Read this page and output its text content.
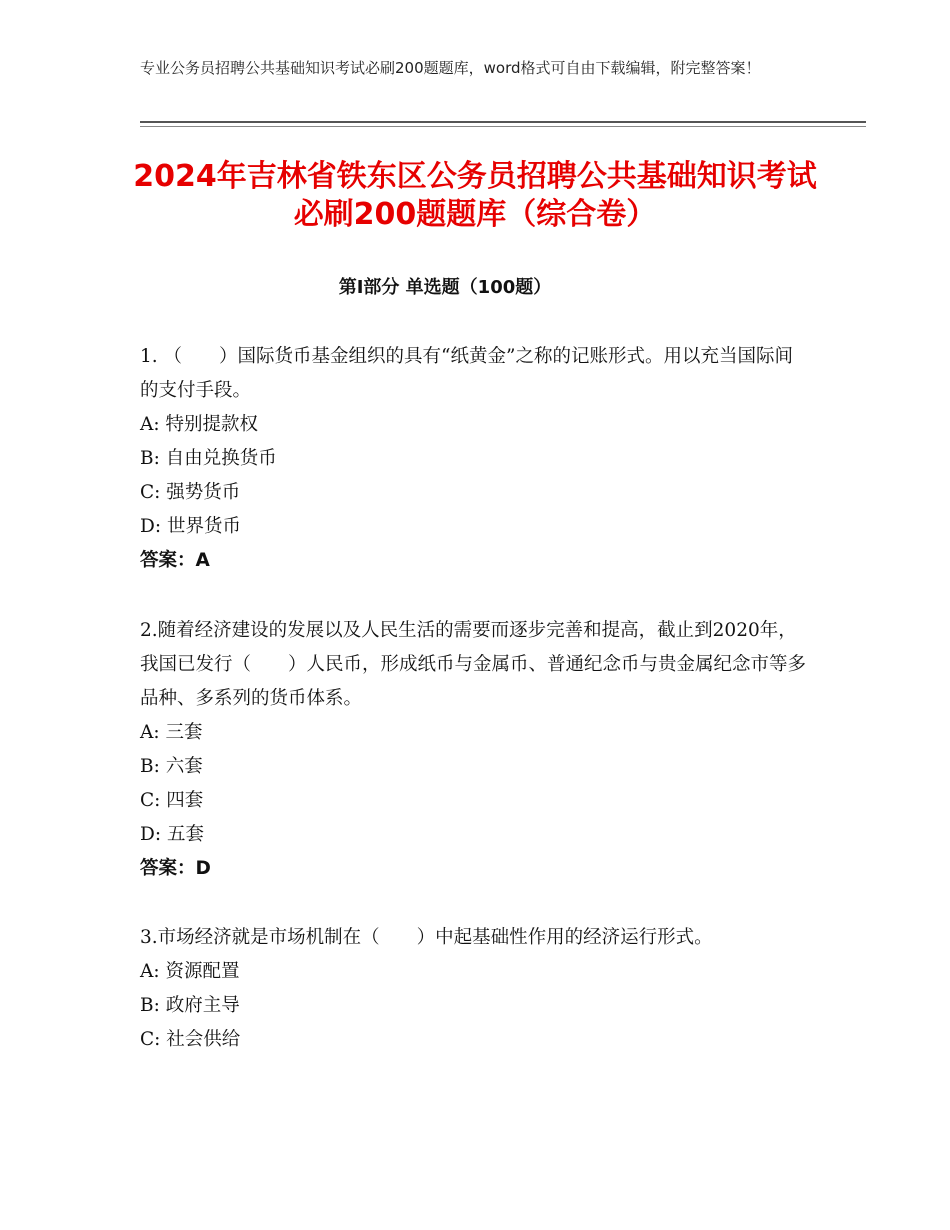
专业公务员招聘公共基础知识考试必刷200题题库，word格式可自由下载编辑，附完整答案！
2024年吉林省铁东区公务员招聘公共基础知识考试必刷200题题库（综合卷）
第Ⅰ部分 单选题（100题）

1. （　　）国际货币基金组织的具有“纸黄金”之称的记账形式。用以充当国际间的支付手段。

A: 特别提款权

B: 自由兑换货币

C: 强势货币

D: 世界货币

答案：A

2.随着经济建设的发展以及人民生活的需要而逐步完善和提高，截止到2020年，我国已发行（　　）人民币，形成纸币与金属币、普通纪念币与贵金属纪念市等多品种、多系列的货币体系。

A: 三套

B: 六套

C: 四套

D: 五套

答案：D

3.市场经济就是市场机制在（　　）中起基础性作用的经济运行形式。

A: 资源配置

B: 政府主导

C: 社会供给
